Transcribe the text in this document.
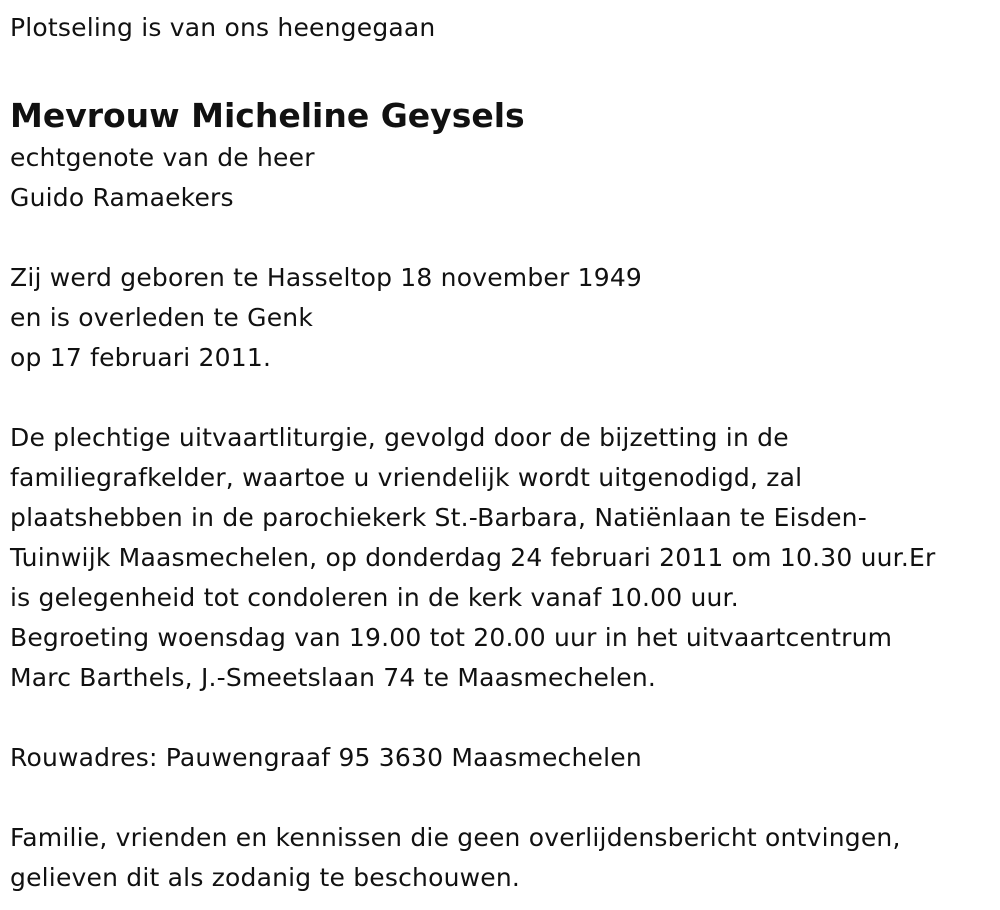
Plotseling is van ons heengegaan
Mevrouw Micheline Geysels
echtgenote van de heer
Guido Ramaekers
Zij werd geboren te Hasseltop 18 november 1949
en is overleden te Genk
op 17 februari 2011.
De plechtige uitvaartliturgie, gevolgd door de bijzetting in de
familiegrafkelder, waartoe u vriendelijk wordt uitgenodigd, zal
plaatshebben in de parochiekerk St.-Barbara, Natiënlaan te Eisden-
Tuinwijk Maasmechelen, op donderdag 24 februari 2011 om 10.30 uur.Er
is gelegenheid tot condoleren in de kerk vanaf 10.00 uur.
Begroeting woensdag van 19.00 tot 20.00 uur in het uitvaartcentrum
Marc Barthels, J.-Smeetslaan 74 te Maasmechelen.
Rouwadres: Pauwengraaf 95 3630 Maasmechelen
Familie, vrienden en kennissen die geen overlijdensbericht ontvingen,
gelieven dit als zodanig te beschouwen.
